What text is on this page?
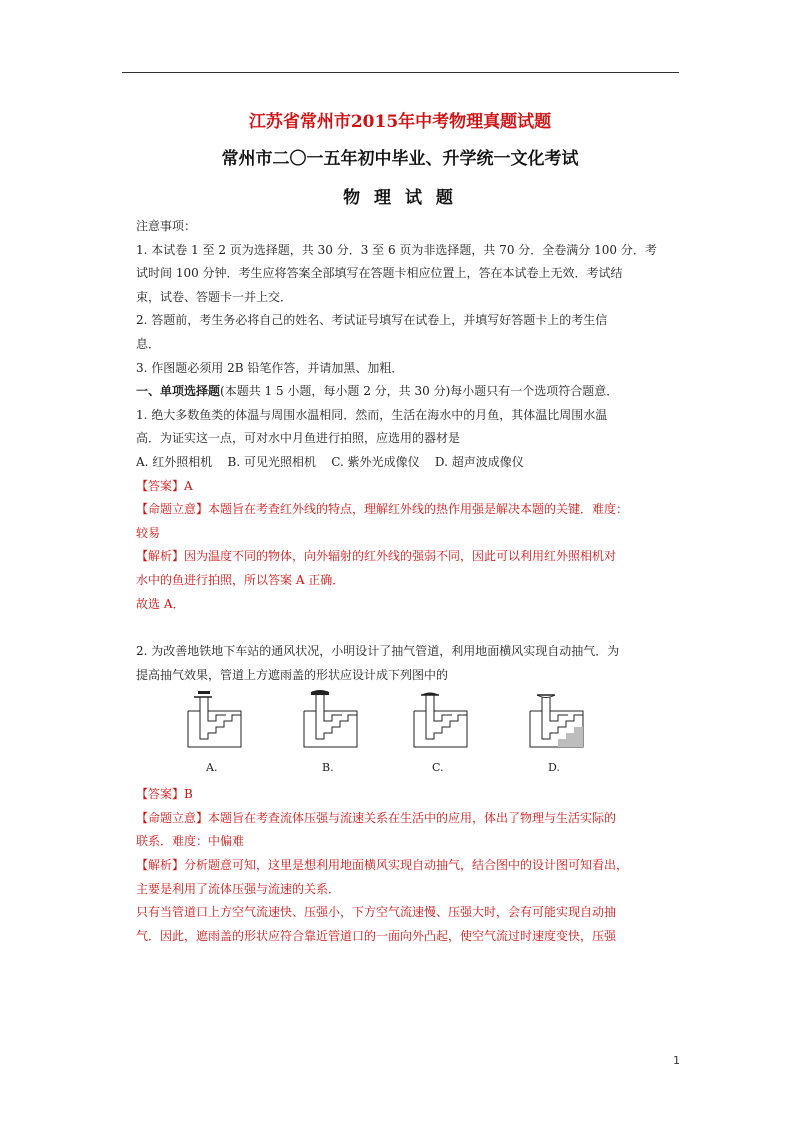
江苏省常州市2015年中考物理真题试题
常州市二〇一五年初中毕业、升学统一文化考试
物 理 试 题
注意事项：
1. 本试卷 1 至 2 页为选择题，共 30 分．3 至 6 页为非选择题，共 70 分．全卷满分 100 分．考
试时间 100 分钟．考生应将答案全部填写在答题卡相应位置上，答在本试卷上无效．考试结
束，试卷、答题卡一并上交．
2. 答题前，考生务必将自己的姓名、考试证号填写在试卷上，并填写好答题卡上的考生信
息．
3. 作图题必须用 2B 铅笔作答，并请加黑、加粗．
一、单项选择题(本题共 1 5 小题，每小题 2 分，共 30 分)每小题只有一个选项符合题意．
1. 绝大多数鱼类的体温与周围水温相同．然而，生活在海水中的月鱼，其体温比周围水温
高．为证实这一点，可对水中月鱼进行拍照，应选用的器材是
A. 红外照相机    B. 可见光照相机    C. 紫外光成像仪    D. 超声波成像仪
【答案】A
【命题立意】本题旨在考查红外线的特点，理解红外线的热作用强是解决本题的关键．难度：
较易
【解析】因为温度不同的物体，向外辐射的红外线的强弱不同，因此可以利用红外照相机对
水中的鱼进行拍照，所以答案 A 正确．
故选 A．
2. 为改善地铁地下车站的通风状况，小明设计了抽气管道，利用地面横风实现自动抽气．为
提高抽气效果，管道上方遮雨盖的形状应设计成下列图中的
A.	B.	C.	D.
【答案】B
【命题立意】本题旨在考查流体压强与流速关系在生活中的应用，体出了物理与生活实际的
联系．难度：中偏难
【解析】分析题意可知，这里是想利用地面横风实现自动抽气，结合图中的设计图可知看出，
主要是利用了流体压强与流速的关系．
只有当管道口上方空气流速快、压强小，下方空气流速慢、压强大时，会有可能实现自动抽
气．因此，遮雨盖的形状应符合靠近管道口的一面向外凸起，使空气流过时速度变快，压强
1
